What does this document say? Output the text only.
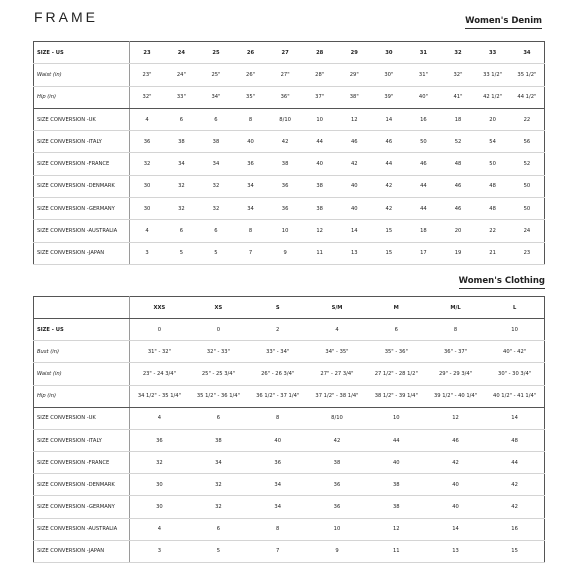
FRAME	Women's Denim
SIZE - US	23	24	25	26	27	28	29	30	31	32	33	34
Waist (in)	23"	24"	25"	26"	27"	28"	29"	30"	31"	32"	33 1/2"	35 1/2"
Hip (in)	32"	33"	34"	35"	36"	37"	38"	39"	40"	41"	42 1/2"	44 1/2"
SIZE CONVERSION -UK	4	6	6	8	8/10	10	12	14	16	18	20	22
SIZE CONVERSION -ITALY	36	38	38	40	42	44	46	46	50	52	54	56
SIZE CONVERSION -FRANCE	32	34	34	36	38	40	42	44	46	48	50	52
SIZE CONVERSION -DENMARK	30	32	32	34	36	38	40	42	44	46	48	50
SIZE CONVERSION -GERMANY	30	32	32	34	36	38	40	42	44	46	48	50
SIZE CONVERSION -AUSTRALIA	4	6	6	8	10	12	14	15	18	20	22	24
SIZE CONVERSION -JAPAN	3	5	5	7	9	11	13	15	17	19	21	23
Women's Clothing
	XXS	XS	S	S/M	M	M/L	L
SIZE - US	0	0	2	4	6	8	10
Bust (in)	31" - 32"	32" - 33"	33" - 34"	34" - 35"	35" - 36"	36" - 37"	40" - 42"
Waist (in)	23" - 24 3/4"	25" - 25 3/4"	26" - 26 3/4"	27" - 27 3/4"	27 1/2" - 28 1/2"	29" - 29 3/4"	30" - 30 3/4"
Hip (in)	34 1/2" - 35 1/4"	35 1/2" - 36 1/4"	36 1/2" - 37 1/4"	37 1/2" - 38 1/4"	38 1/2" - 39 1/4"	39 1/2" - 40 1/4"	40 1/2" - 41 1/4"
SIZE CONVERSION -UK	4	6	8	8/10	10	12	14
SIZE CONVERSION -ITALY	36	38	40	42	44	46	48
SIZE CONVERSION -FRANCE	32	34	36	38	40	42	44
SIZE CONVERSION -DENMARK	30	32	34	36	38	40	42
SIZE CONVERSION -GERMANY	30	32	34	36	38	40	42
SIZE CONVERSION -AUSTRALIA	4	6	8	10	12	14	16
SIZE CONVERSION -JAPAN	3	5	7	9	11	13	15
